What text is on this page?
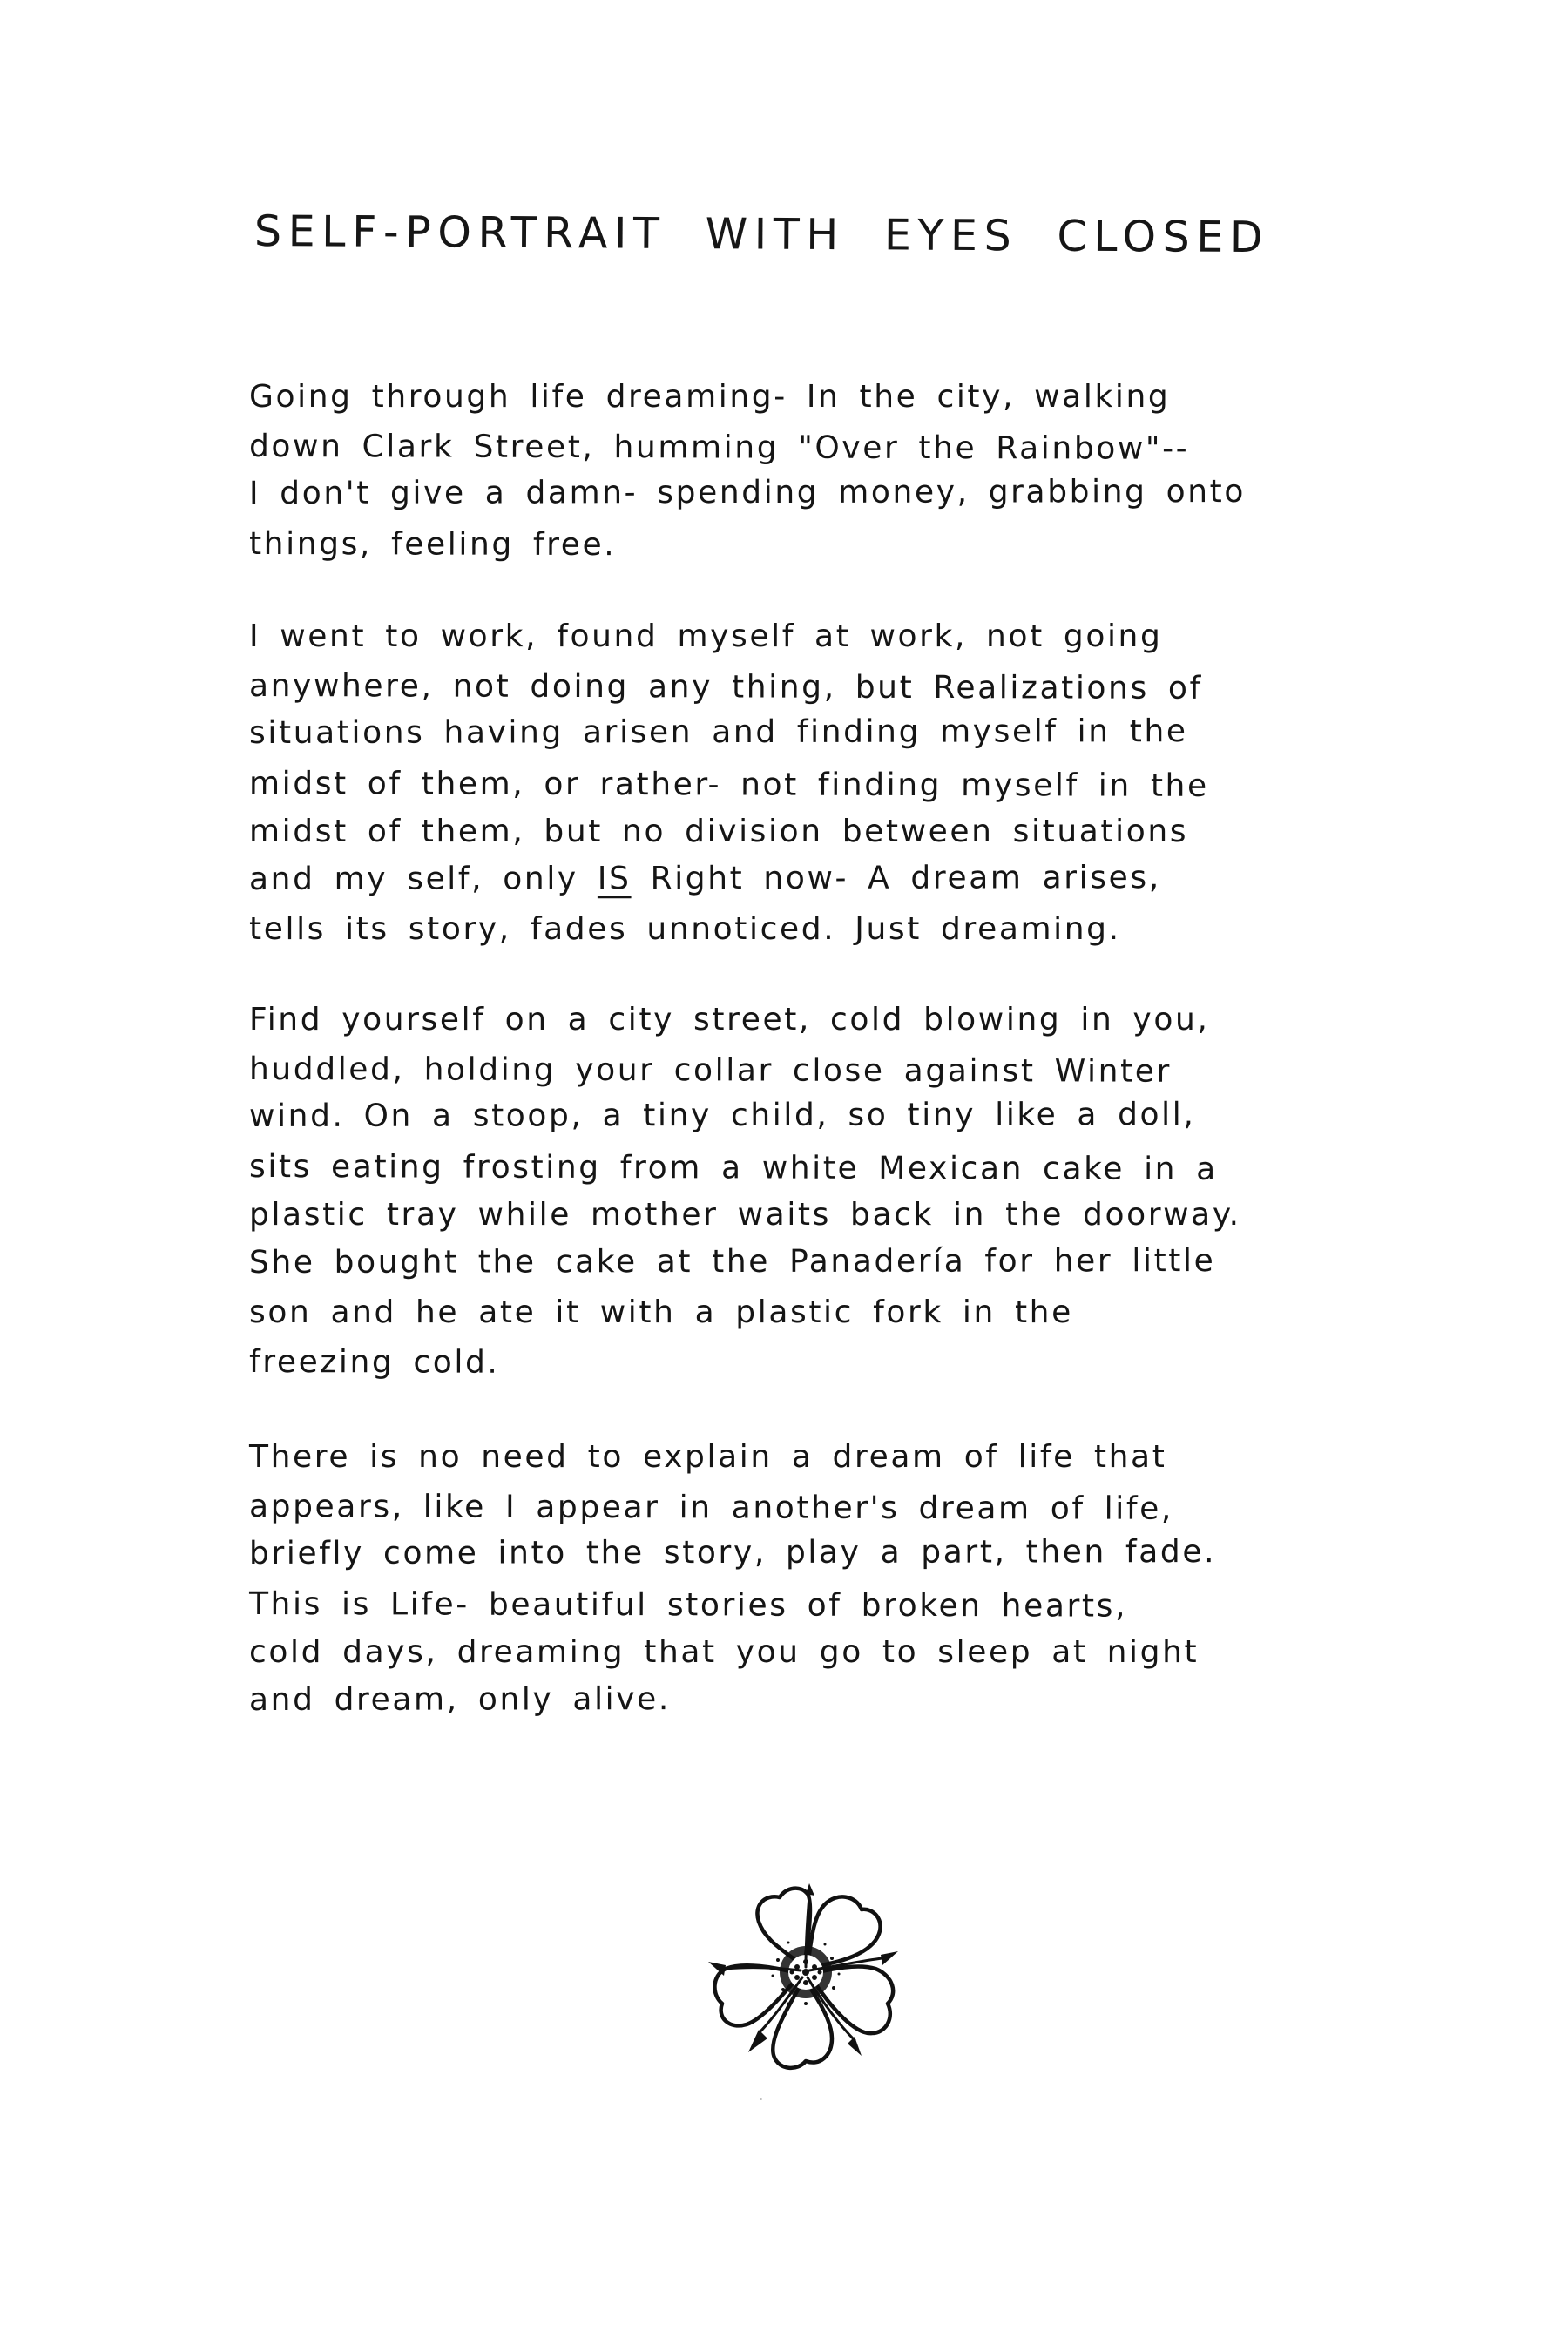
SELF-PORTRAIT WITH EYES CLOSED
Going through life dreaming- In the city, walking
down Clark Street, humming "Over the Rainbow"--
I don't give a damn- spending money, grabbing onto
things, feeling free.
I went to work, found myself at work, not going
anywhere, not doing any thing, but Realizations of
situations having arisen and finding myself in the
midst of them, or rather- not finding myself in the
midst of them, but no division between situations
and my self, only IS Right now- A dream arises,
tells its story, fades unnoticed. Just dreaming.
Find yourself on a city street, cold blowing in you,
huddled, holding your collar close against Winter
wind. On a stoop, a tiny child, so tiny like a doll,
sits eating frosting from a white Mexican cake in a
plastic tray while mother waits back in the doorway.
She bought the cake at the Panadería for her little
son and he ate it with a plastic fork in the
freezing cold.
There is no need to explain a dream of life that
appears, like I appear in another's dream of life,
briefly come into the story, play a part, then fade.
This is Life- beautiful stories of broken hearts,
cold days, dreaming that you go to sleep at night
and dream, only alive.
